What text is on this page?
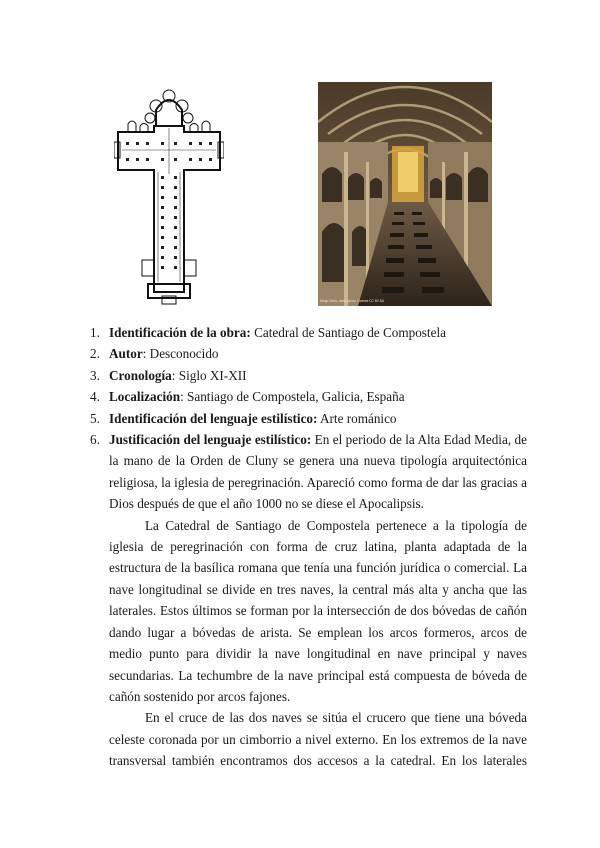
Diego Delso, delso.photo, License CC BY-SA
1. Identificación de la obra: Catedral de Santiago de Compostela
2. Autor: Desconocido
3. Cronología: Siglo XI-XII
4. Localización: Santiago de Compostela, Galicia, España
5. Identificación del lenguaje estilístico: Arte románico
6. Justificación del lenguaje estilístico: En el periodo de la Alta Edad Media, de
la mano de la Orden de Cluny se genera una nueva tipología arquitectónica
religiosa, la iglesia de peregrinación. Apareció como forma de dar las gracias a
Dios después de que el año 1000 no se diese el Apocalipsis.
La Catedral de Santiago de Compostela pertenece a la tipología de
iglesia de peregrinación con forma de cruz latina, planta adaptada de la
estructura de la basílica romana que tenía una función jurídica o comercial. La
nave longitudinal se divide en tres naves, la central más alta y ancha que las
laterales. Estos últimos se forman por la intersección de dos bóvedas de cañón
dando lugar a bóvedas de arista. Se emplean los arcos formeros, arcos de
medio punto para dividir la nave longitudinal en nave principal y naves
secundarias. La techumbre de la nave principal está compuesta de bóveda de
cañón sostenido por arcos fajones.
En el cruce de las dos naves se sitúa el crucero que tiene una bóveda
celeste coronada por un cimborrio a nivel externo. En los extremos de la nave
transversal también encontramos dos accesos a la catedral. En los laterales
